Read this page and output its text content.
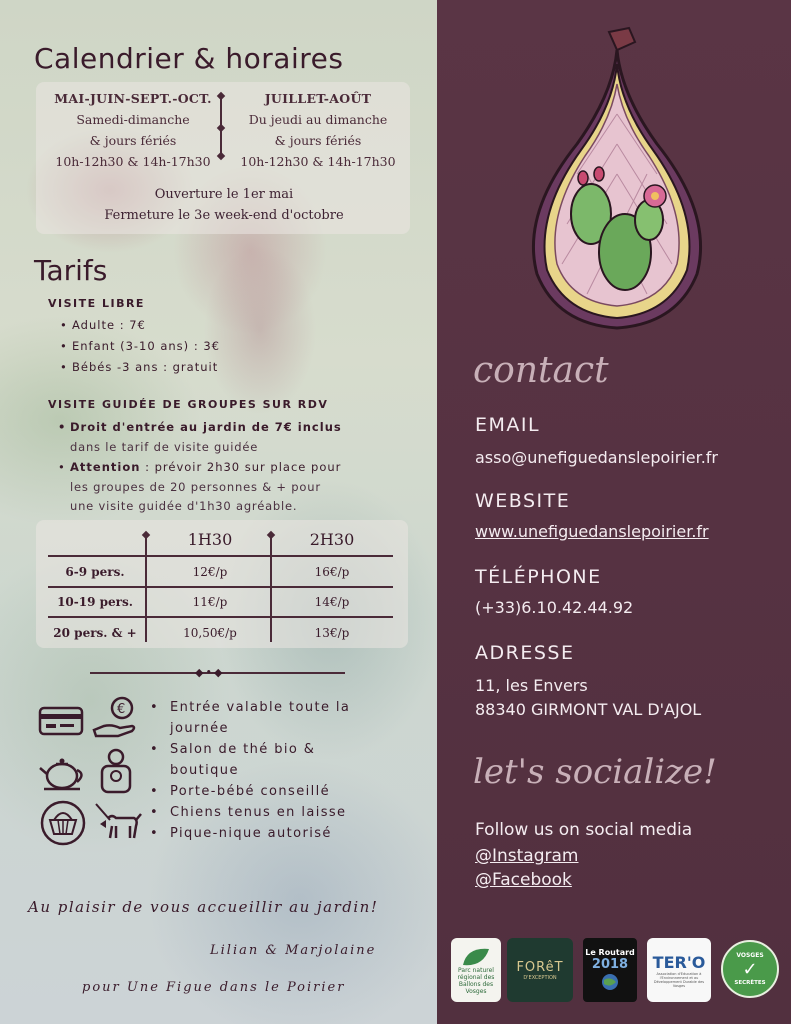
Calendrier & horaires
MAI-JUIN-SEPT.-OCT.
Samedi-dimanche
& jours fériés
10h-12h30 & 14h-17h30
JUILLET-AOÛT
Du jeudi au dimanche
& jours fériés
10h-12h30 & 14h-17h30
Ouverture le 1er mai
Fermeture le 3e week-end d'octobre
Tarifs
VISITE LIBRE
• Adulte : 7€
• Enfant (3-10 ans) : 3€
• Bébés -3 ans : gratuit
VISITE GUIDÉE DE GROUPES SUR RDV
• Droit d'entrée au jardin de 7€ inclus
dans le tarif de visite guidée
• Attention : prévoir 2h30 sur place pour
les groupes de 20 personnes & + pour
une visite guidée d'1h30 agréable.
1H30	2H30
6-9 pers.	12€/p	16€/p
10-19 pers.	11€/p	14€/p
20 pers. & +	10,50€/p	13€/p
◆•◆
€
•	Entrée valable toute la
journée
• Salon de thé bio &
boutique
• Porte-bébé conseillé
• Chiens tenus en laisse
• Pique-nique autorisé
Au plaisir de vous accueillir au jardin!
Lilian & Marjolaine
pour Une Figue dans le Poirier
contact
EMAIL
asso@unefiguedanslepoirier.fr
WEBSITE
www.unefiguedanslepoirier.fr
TÉLÉPHONE
(+33)6.10.42.44.92
ADRESSE
11, les Envers
88340 GIRMONT VAL D'AJOL
let's socialize!
Follow us on social media
@Instagram
@Facebook
Parc naturel régional des Ballons des Vosges
FORêT
D'EXCEPTION
Le Routard
2018 TER'O
Association d'Education à l'Environnement et au Développement Durable des Vosges
VOSGES
✓
SECRÈTES
